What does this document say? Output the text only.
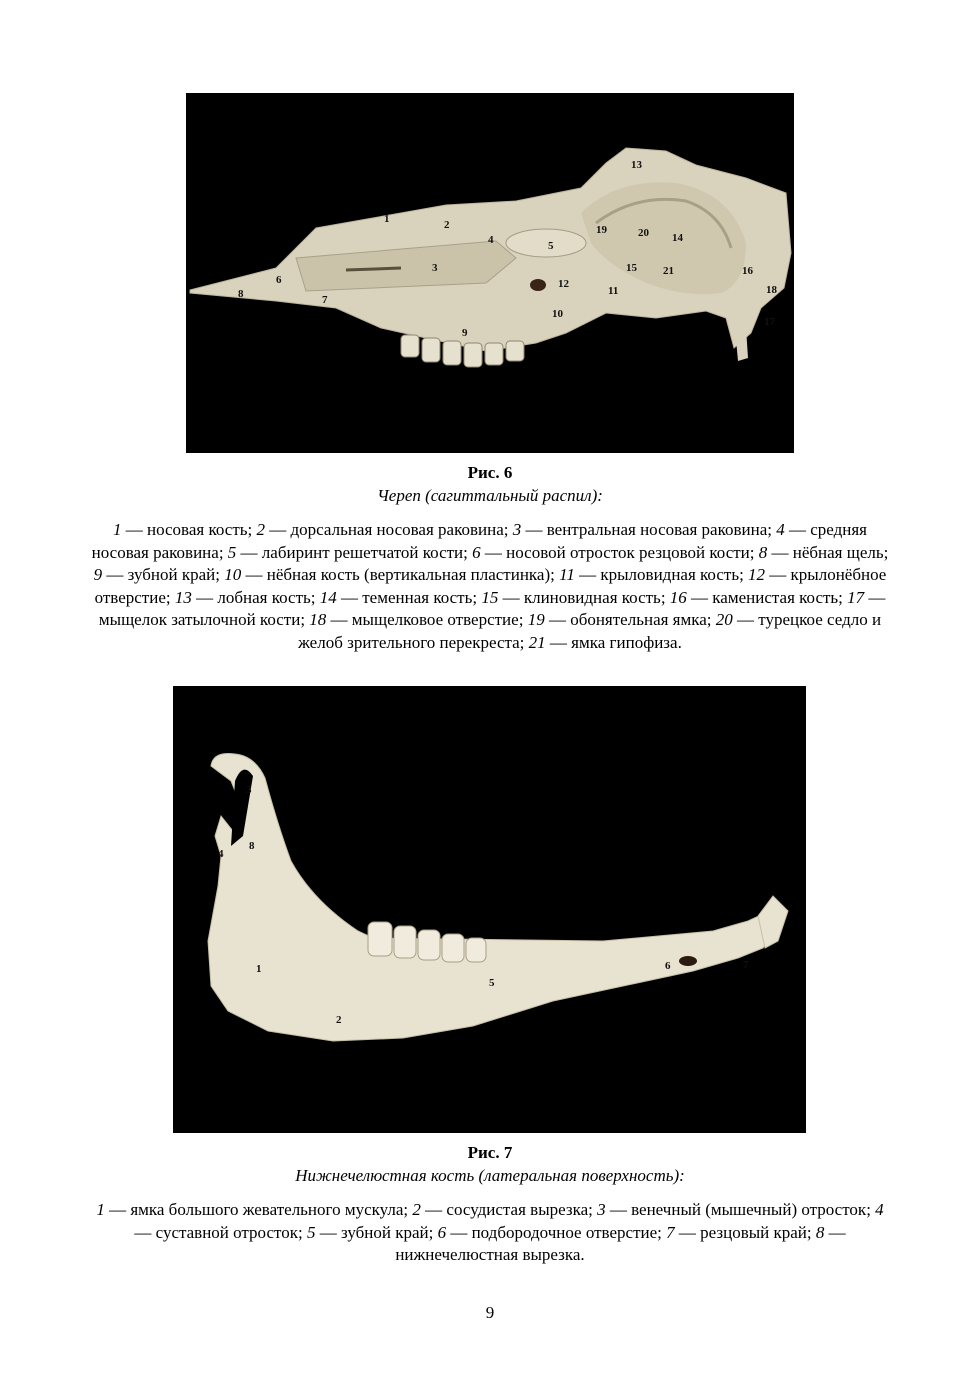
1	2
3
4	5
6
7
8
9
10
11
12
13
14
15	16
17
18
19	20
21
Рис. 6
Череп (сагиттальный распил):
1 — носовая кость; 2 — дорсальная носовая раковина; 3 — вентральная носовая раковина; 4 — средняя носовая раковина; 5 — лабиринт решетчатой кости; 6 — носовой отросток резцовой кости; 8 — нёбная щель; 9 — зубной край; 10 — нёбная кость (вертикальная пластинка); 11 — крыловидная кость; 12 — крылонёбное отверстие; 13 — лобная кость; 14 — теменная кость; 15 — клиновидная кость; 16 — каменистая кость; 17 — мыщелок затылочной кости; 18 — мыщелковое отверстие; 19 — обонятельная ямка; 20 — турецкое седло и желоб зрительного перекреста; 21 — ямка гипофиза.
1
2
3
4
5
6	7
8
Рис. 7
Нижнечелюстная кость (латеральная поверхность):
1 — ямка большого жевательного мускула; 2 — сосудистая вырезка; 3 — венечный (мышечный) отросток; 4 — суставной отросток; 5 — зубной край; 6 — подбородочное отверстие; 7 — резцовый край; 8 — нижнечелюстная вырезка.
9
